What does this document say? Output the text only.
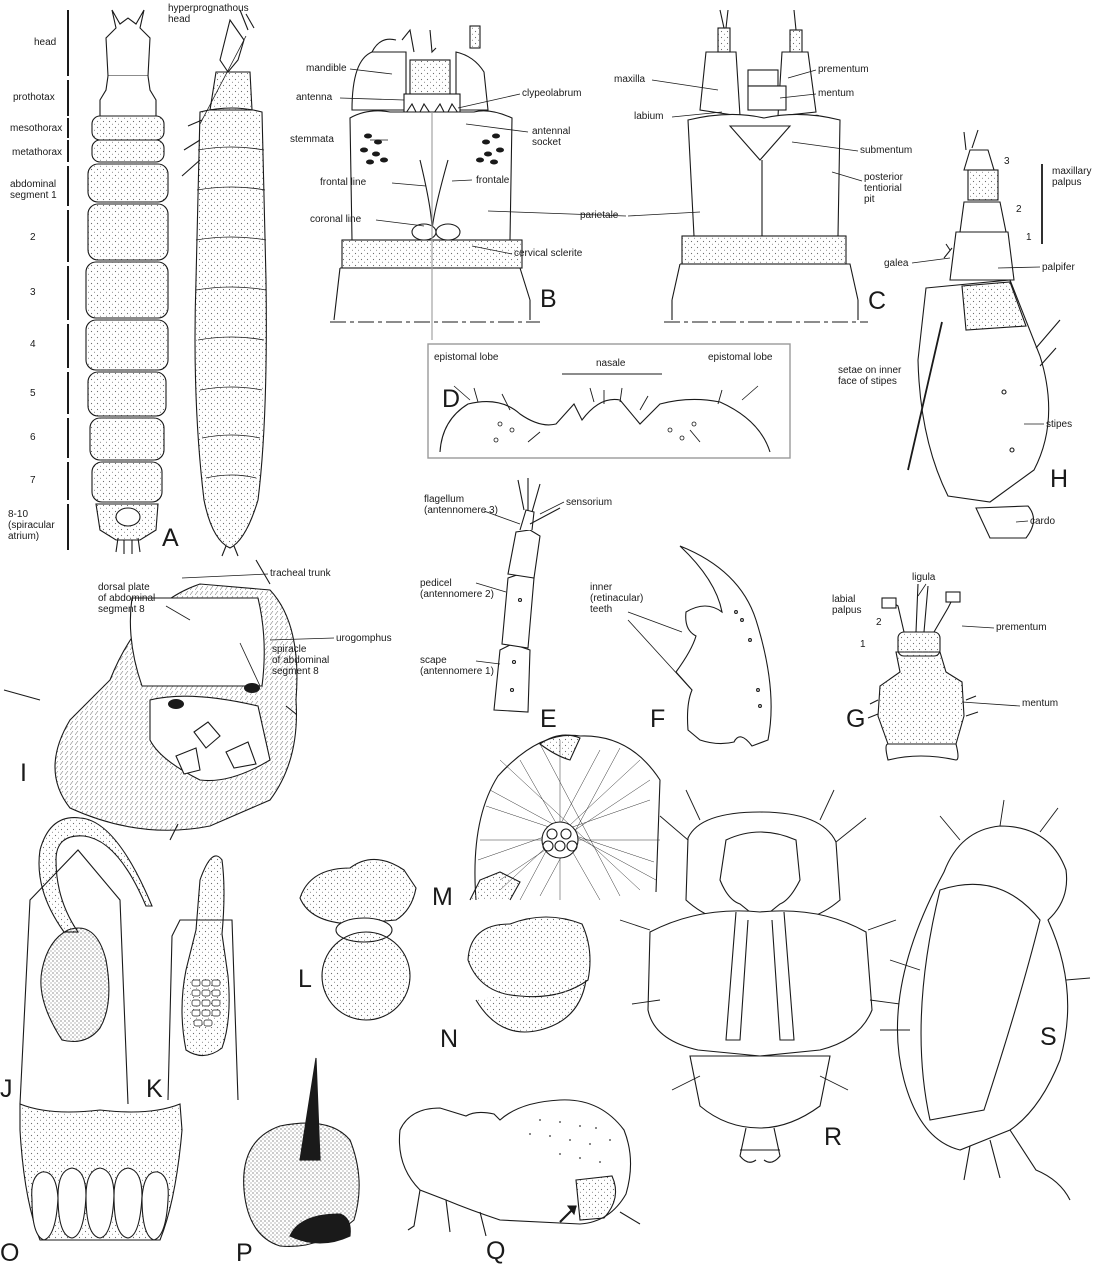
head
prothotax
mesothorax
metathorax
abdominal
segment 1
2
3
4
5
6
7
8-10
(spiracular
atrium)
hyperprognathous
head
A
mandible
antenna
stemmata
frontal line
coronal line
clypeolabrum
antennal
socket
frontale
parietale
cervical sclerite
B
maxilla
labium
prementum
mentum
submentum
posterior
tentiorial
pit
C
epistomal lobe
nasale
epistomal lobe
D
flagellum
(antennomere 3)
sensorium
pedicel
(antennomere 2)
scape
(antennomere 1)
E
inner
(retinacular)
teeth
F
ligula
labial
palpus
prementum
mentum
2
1
G
maxillary
palpus
galea	palpifer
setae on inner
face of stipes
stipes
cardo
3
2
1
H
dorsal plate
of abdominal
segment 8
tracheal trunk
spiracle
of abdominal
segment 8
urogomphus
I
J	K
L
M
N
O	P	Q
R
S
